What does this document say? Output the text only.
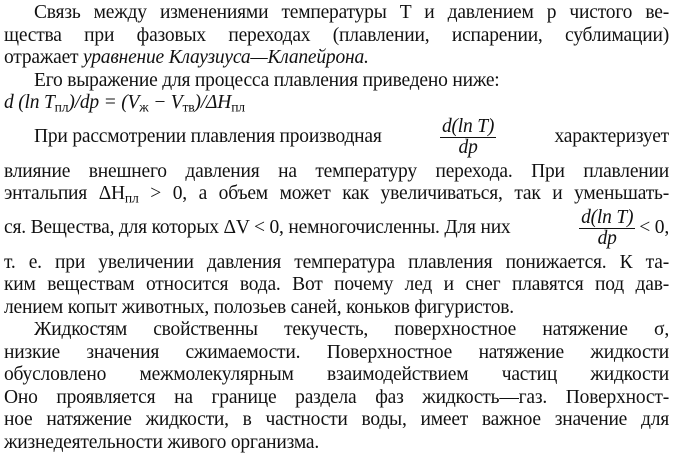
Связь между изменениями температуры T и давлением p чистого ве-
щества при фазовых переходах (плавлении, испарении, сублимации)
отражает уравнение Клаузиуса—Клапейрона.
Его выражение для процесса плавления приведено ниже:
d (ln $T_{пл})/dp = (V_ж - V_{тв})/\Delta H_{пл}$
При рассмотрении плавления производная	$\frac{\text{d(ln T)}}{dp}$	характеризует
влияние внешнего давления на температуру перехода. При плавлении
энтальпия $\Delta H_{пл} > 0$, а объем может как увеличиваться, так и уменьшать-
ся. Вещества, для которых ΔV < 0, немногочисленны. Для них	$\frac{\text{d(ln T)}}{dp} < 0$,
т. е. при увеличении давления температура плавления понижается. К та-
ким веществам относится вода. Вот почему лед и снег плавятся под дав-
лением копыт животных, полозьев саней, коньков фигуристов.
Жидкостям свойственны текучесть, поверхностное натяжение σ,
низкие значения сжимаемости. Поверхностное натяжение жидкости
обусловлено межмолекулярным взаимодействием частиц жидкости
Оно проявляется на границе раздела фаз жидкость—газ. Поверхност-
ное натяжение жидкости, в частности воды, имеет важное значение для
жизнедеятельности живого организма.
